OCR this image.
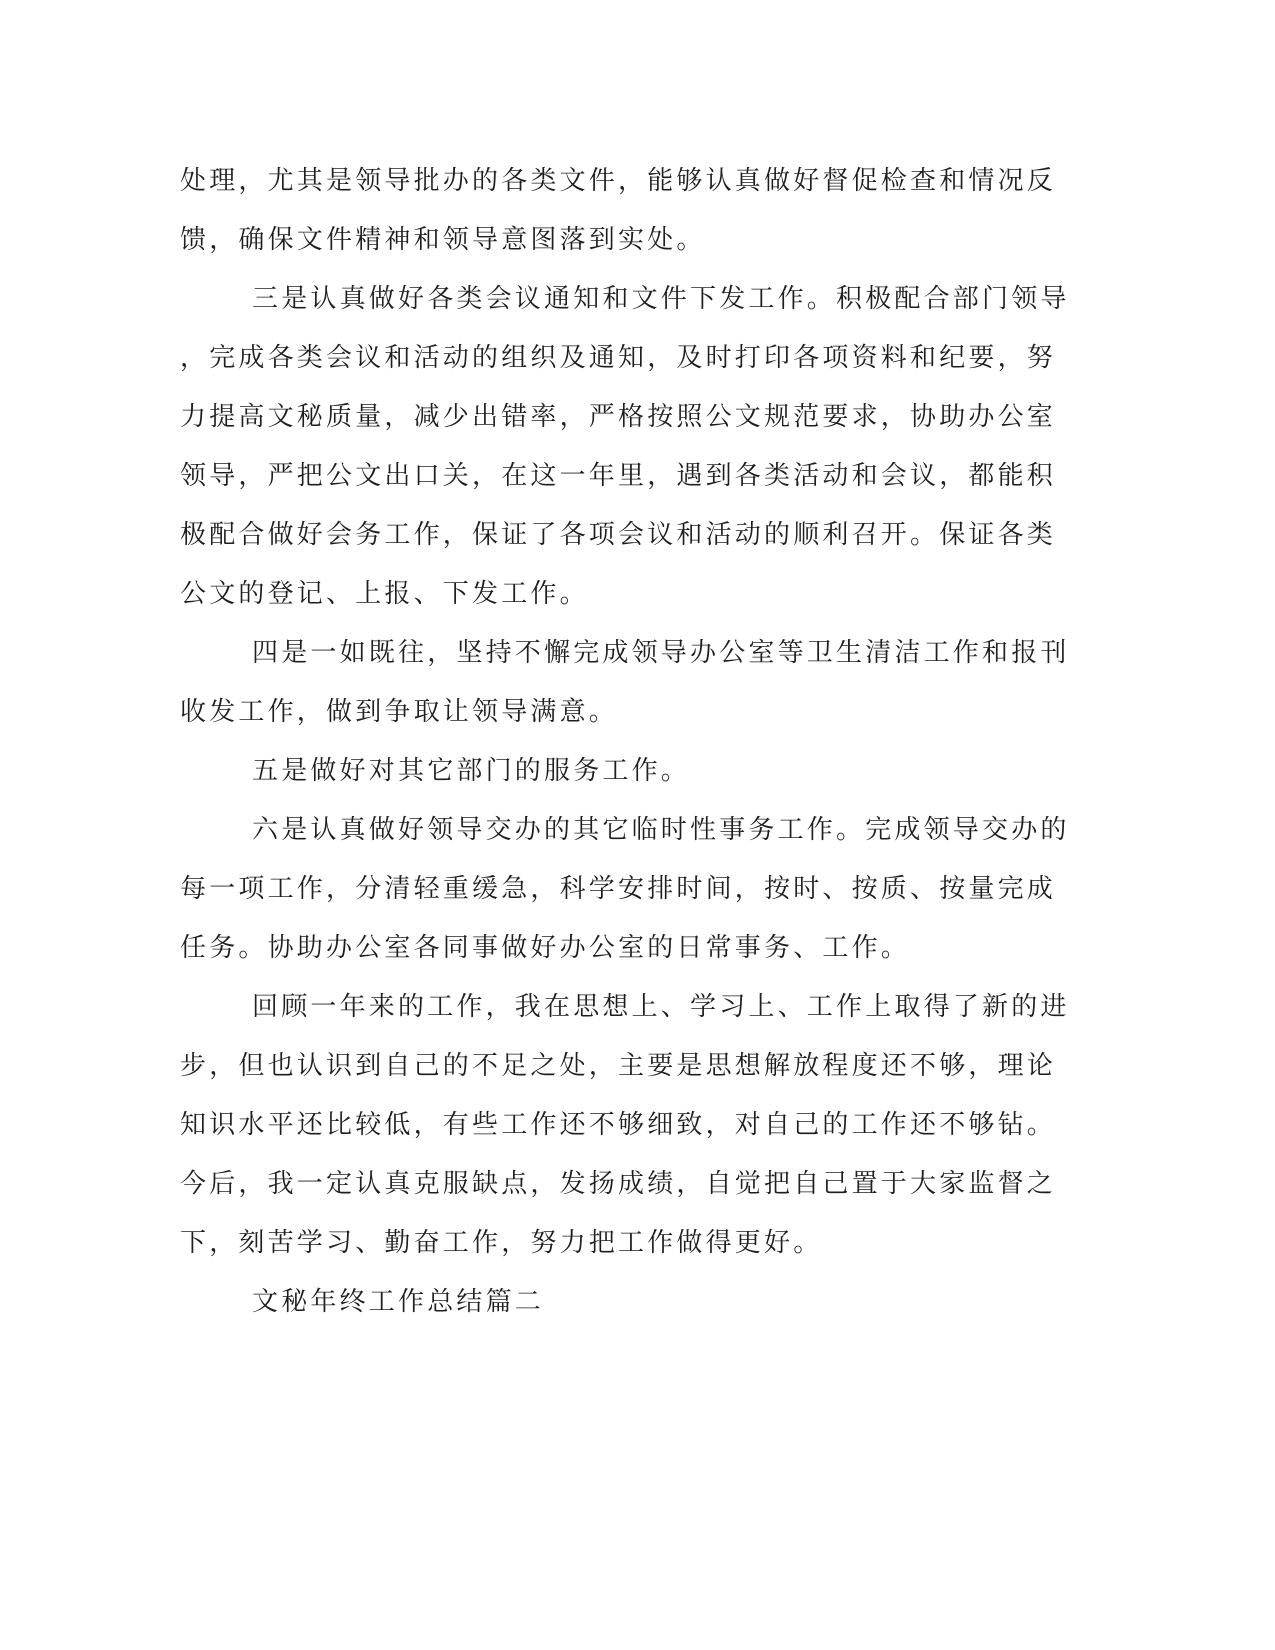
处理，尤其是领导批办的各类文件，能够认真做好督促检查和情况反

馈，确保文件精神和领导意图落到实处。

三是认真做好各类会议通知和文件下发工作。积极配合部门领导

，完成各类会议和活动的组织及通知，及时打印各项资料和纪要，努

力提高文秘质量，减少出错率，严格按照公文规范要求，协助办公室

领导，严把公文出口关，在这一年里，遇到各类活动和会议，都能积

极配合做好会务工作，保证了各项会议和活动的顺利召开。保证各类

公文的登记、上报、下发工作。

四是一如既往，坚持不懈完成领导办公室等卫生清洁工作和报刊

收发工作，做到争取让领导满意。

五是做好对其它部门的服务工作。

六是认真做好领导交办的其它临时性事务工作。完成领导交办的

每一项工作，分清轻重缓急，科学安排时间，按时、按质、按量完成

任务。协助办公室各同事做好办公室的日常事务、工作。

回顾一年来的工作，我在思想上、学习上、工作上取得了新的进

步，但也认识到自己的不足之处，主要是思想解放程度还不够，理论

知识水平还比较低，有些工作还不够细致，对自己的工作还不够钻。

今后，我一定认真克服缺点，发扬成绩，自觉把自己置于大家监督之

下，刻苦学习、勤奋工作，努力把工作做得更好。

文秘年终工作总结篇二
